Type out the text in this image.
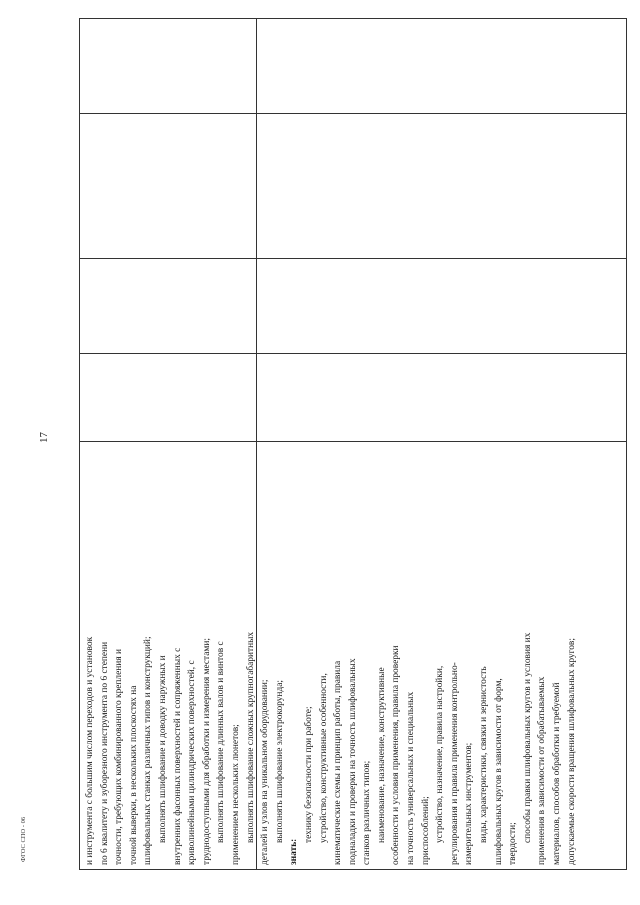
17
и инструмента с большим числом переходов и установок по 6 квалитету и зуборезного инструмента по 6 степени точности, требующих комбинированного крепления и точной выверки, в нескольких плоскостях на шлифовальных станках различных типов и конструкций; выполнять шлифование и доводку наружных и внутренних фасонных поверхностей и сопряженных с криволинейными цилиндрических поверхностей, с труднодоступными для обработки и измерения местами; выполнять шлифование длинных валов и винтов с применением нескольких люнетов; выполнять шлифование сложных крупногабаритных деталей и узлов на уникальном оборудовании; выполнять шлифование электрокорунда;
знать:
технику безопасности при работе; устройство, конструктивные особенности, кинематические схемы и принцип работы, правила подналадки и проверки на точность шлифовальных станков различных типов; наименование, назначение, конструктивные особенности и условия применения, правила проверки на точность универсальных и специальных приспособлений; устройство, назначение, правила настройки, регулирования и правила применения контрольно- измерительных инструментов; виды, характеристики, связки и зернистость шлифовальных кругов в зависимости от форм, твердости;
способы правки шлифовальных кругов и условия их применения в зависимости от обрабатываемых материалов, способов обработки и требуемой допускаемые скорости вращения шлифовальных кругов;
ФГОС СПО - 06
